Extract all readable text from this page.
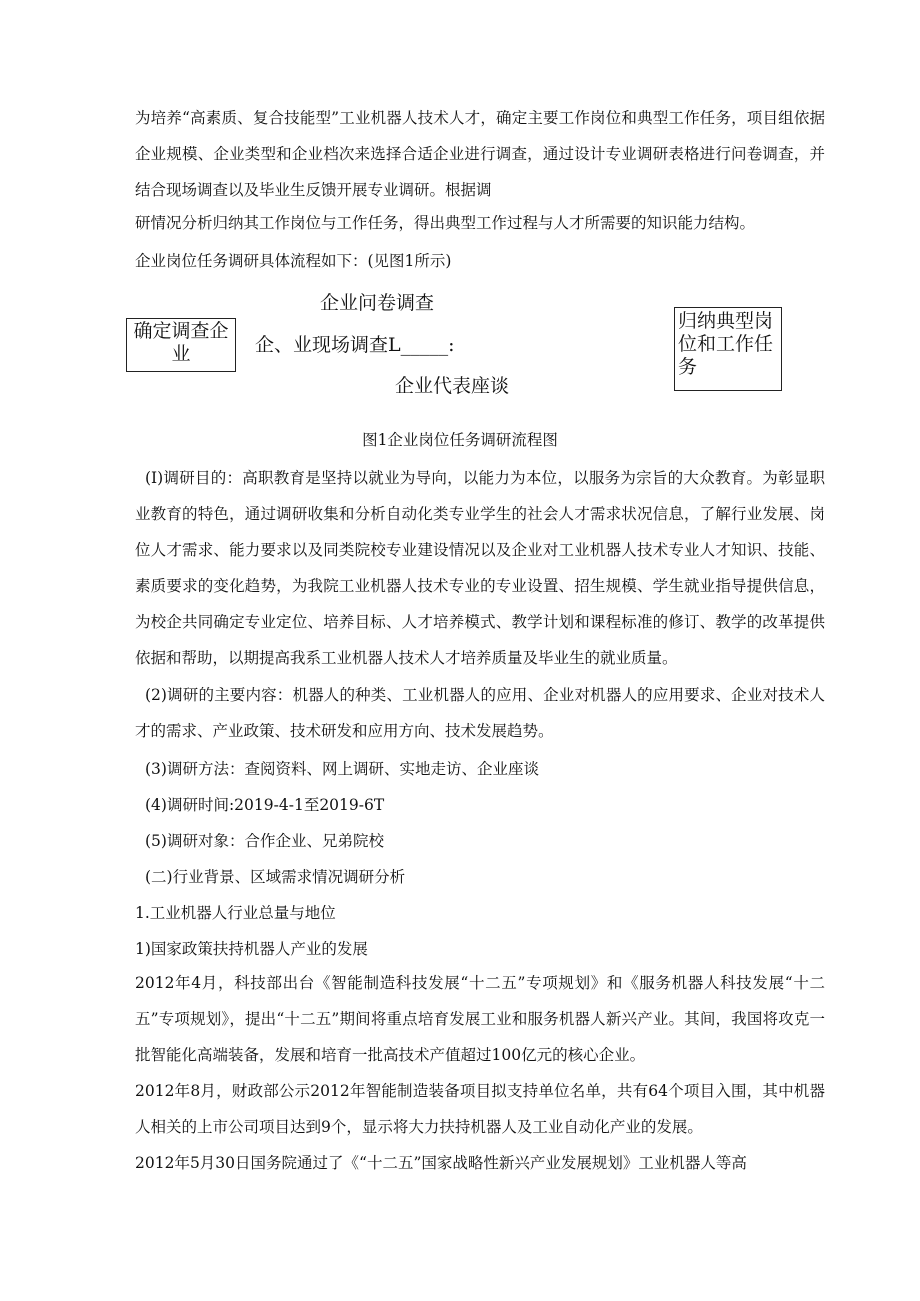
为培养“高素质、复合技能型”工业机器人技术人才，确定主要工作岗位和典型工作任务，项目组依据企业规模、企业类型和企业档次来选择合适企业进行调查，通过设计专业调研表格进行问卷调查，并结合现场调查以及毕业生反馈开展专业调研。根据调

研情况分析归纳其工作岗位与工作任务，得出典型工作过程与人才所需要的知识能力结构。
企业岗位任务调研具体流程如下：(见图1所示)
确定调查企业
企业问卷调查
企、业现场调查L_____:
企业代表座谈
归纳典型岗位和工作任务
图1企业岗位任务调研流程图

(I)调研目的：高职教育是坚持以就业为导向，以能力为本位，以服务为宗旨的大众教育。为彰显职业教育的特色，通过调研收集和分析自动化类专业学生的社会人才需求状况信息，了解行业发展、岗位人才需求、能力要求以及同类院校专业建设情况以及企业对工业机器人技术专业人才知识、技能、素质要求的变化趋势，为我院工业机器人技术专业的专业设置、招生规模、学生就业指导提供信息，为校企共同确定专业定位、培养目标、人才培养模式、教学计划和课程标准的修订、教学的改革提供依据和帮助，以期提高我系工业机器人技术人才培养质量及毕业生的就业质量。

(2)调研的主要内容：机器人的种类、工业机器人的应用、企业对机器人的应用要求、企业对技术人才的需求、产业政策、技术研发和应用方向、技术发展趋势。

(3)调研方法：查阅资料、网上调研、实地走访、企业座谈
(4)调研时间:2019-4-1至2019-6T
(5)调研对象：合作企业、兄弟院校
(二)行业背景、区域需求情况调研分析
1.工业机器人行业总量与地位
1)国家政策扶持机器人产业的发展

2012年4月，科技部出台《智能制造科技发展“十二五”专项规划》和《服务机器人科技发展“十二五”专项规划》，提出“十二五”期间将重点培育发展工业和服务机器人新兴产业。其间，我国将攻克一批智能化高端装备，发展和培育一批高技术产值超过100亿元的核心企业。

2012年8月，财政部公示2012年智能制造装备项目拟支持单位名单，共有64个项目入围，其中机器人相关的上市公司项目达到9个，显示将大力扶持机器人及工业自动化产业的发展。

2012年5月30日国务院通过了《“十二五”国家战略性新兴产业发展规划》工业机器人等高
